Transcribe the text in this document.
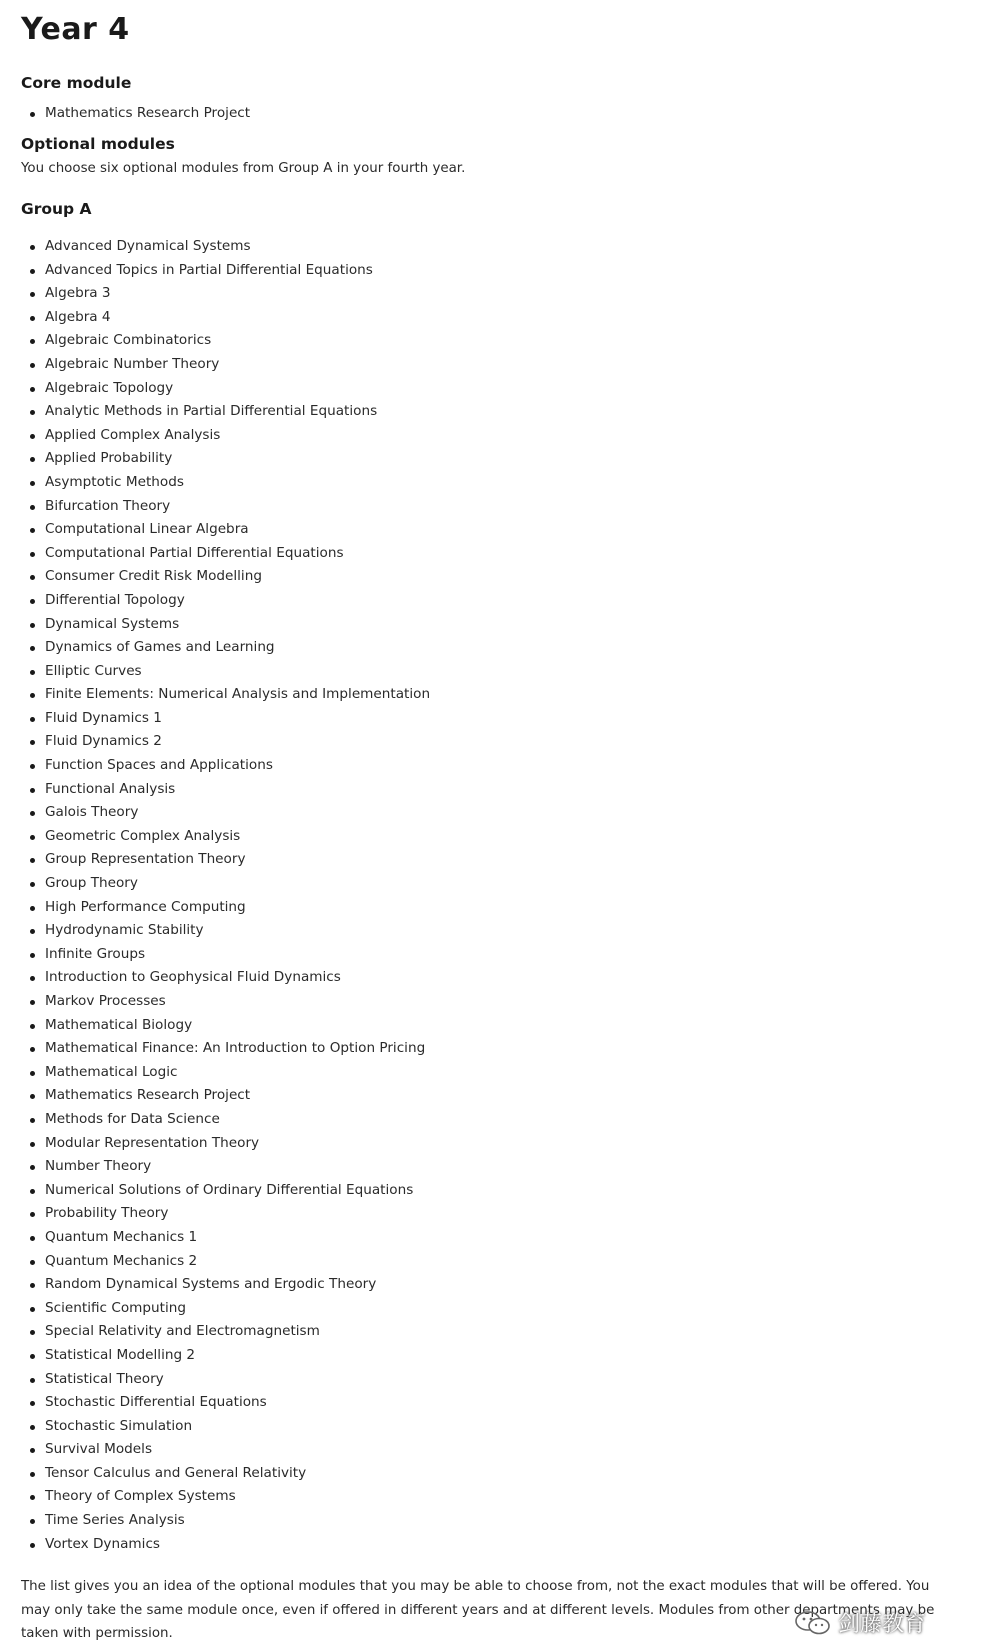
Year 4
Core module
Mathematics Research Project
Optional modules

You choose six optional modules from Group A in your fourth year.

Group A
Advanced Dynamical Systems
Advanced Topics in Partial Differential Equations
Algebra 3
Algebra 4
Algebraic Combinatorics
Algebraic Number Theory
Algebraic Topology
Analytic Methods in Partial Differential Equations
Applied Complex Analysis
Applied Probability
Asymptotic Methods
Bifurcation Theory
Computational Linear Algebra
Computational Partial Differential Equations
Consumer Credit Risk Modelling
Differential Topology
Dynamical Systems
Dynamics of Games and Learning
Elliptic Curves
Finite Elements: Numerical Analysis and Implementation
Fluid Dynamics 1
Fluid Dynamics 2
Function Spaces and Applications
Functional Analysis
Galois Theory
Geometric Complex Analysis
Group Representation Theory
Group Theory
High Performance Computing
Hydrodynamic Stability
Infinite Groups
Introduction to Geophysical Fluid Dynamics
Markov Processes
Mathematical Biology
Mathematical Finance: An Introduction to Option Pricing
Mathematical Logic
Mathematics Research Project
Methods for Data Science
Modular Representation Theory
Number Theory
Numerical Solutions of Ordinary Differential Equations
Probability Theory
Quantum Mechanics 1
Quantum Mechanics 2
Random Dynamical Systems and Ergodic Theory
Scientific Computing
Special Relativity and Electromagnetism
Statistical Modelling 2
Statistical Theory
Stochastic Differential Equations
Stochastic Simulation
Survival Models
Tensor Calculus and General Relativity
Theory of Complex Systems
Time Series Analysis
Vortex Dynamics

The list gives you an idea of the optional modules that you may be able to choose from, not the exact modules that will be offered. You may only take the same module once, even if offered in different years and at different levels. Modules from other departments may be taken with permission.	剑藤教育
